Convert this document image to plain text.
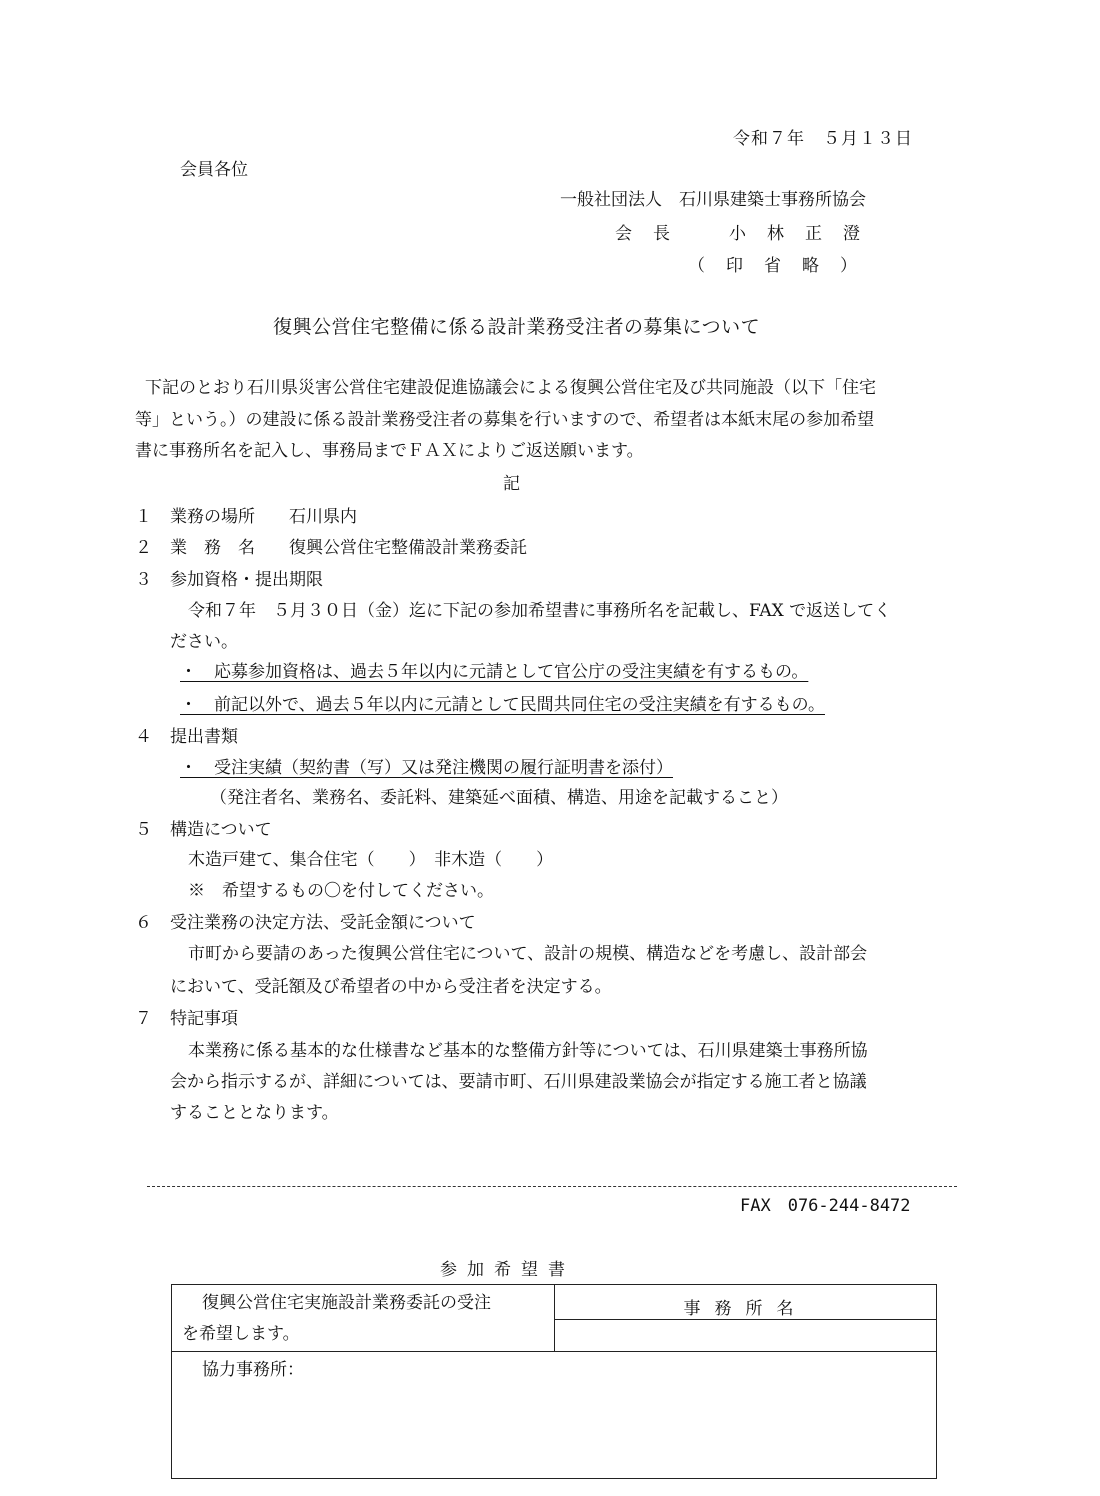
令和７年　５月１３日
会員各位
一般社団法人　石川県建築士事務所協会
会　長　　　小　林　正　澄
（　印　省　略　）
復興公営住宅整備に係る設計業務受注者の募集について
下記のとおり石川県災害公営住宅建設促進協議会による復興公営住宅及び共同施設（以下「住宅
等」という。）の建設に係る設計業務受注者の募集を行いますので、希望者は本紙末尾の参加希望
書に事務所名を記入し、事務局までＦＡＸによりご返送願います。
記
１ 業務の場所　　石川県内
２ 業　務　名　　復興公営住宅整備設計業務委託
３ 参加資格・提出期限
令和７年　５月３０日（金）迄に下記の参加希望書に事務所名を記載し、FAX で返送してく
ださい。
・　応募参加資格は、過去５年以内に元請として官公庁の受注実績を有するもの。
・　前記以外で、過去５年以内に元請として民間共同住宅の受注実績を有するもの。
４ 提出書類
・　受注実績（契約書（写）又は発注機関の履行証明書を添付）
（発注者名、業務名、委託料、建築延べ面積、構造、用途を記載すること）
５ 構造について
木造戸建て、集合住宅（　　）　非木造（　　）
※　希望するもの〇を付してください。
６ 受注業務の決定方法、受託金額について
市町から要請のあった復興公営住宅について、設計の規模、構造などを考慮し、設計部会
において、受託額及び希望者の中から受注者を決定する。
７ 特記事項
本業務に係る基本的な仕様書など基本的な整備方針等については、石川県建築士事務所協
会から指示するが、詳細については、要請市町、石川県建設業協会が指定する施工者と協議
することとなります。
FAX　076-244-8472
参加希望書
復興公営住宅実施設計業務委託の受注
を希望します。
	事務所名

協力事務所：
